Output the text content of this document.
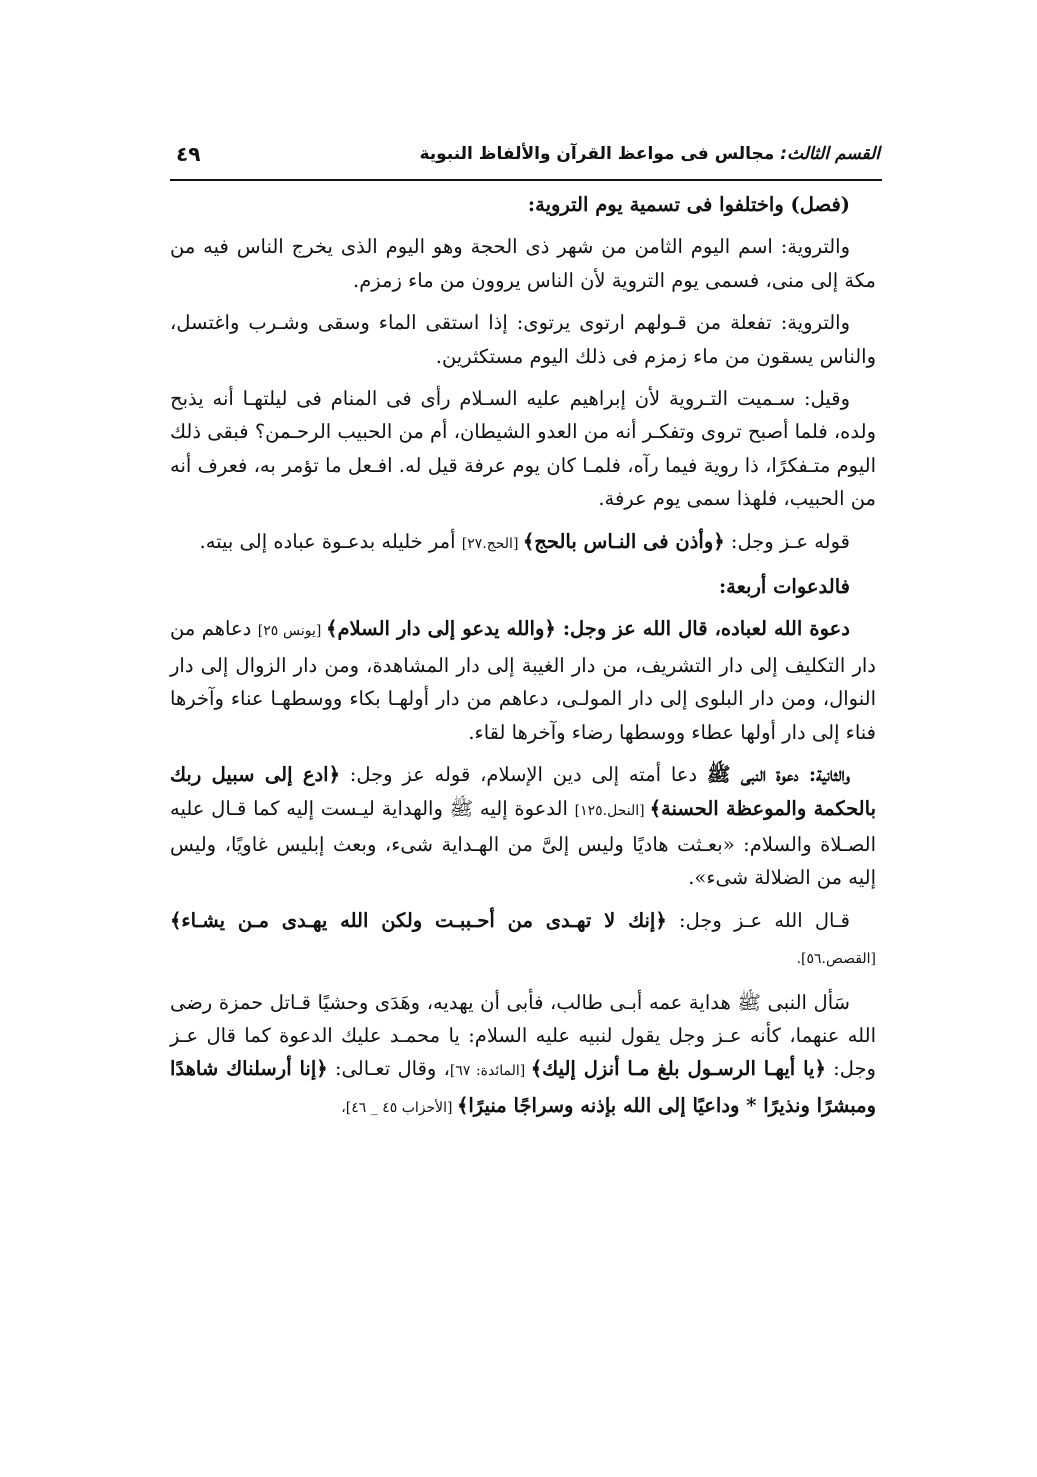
٤٩	القسم الثالث: مجالس فى مواعظ القرآن والألفاظ النبوية

(فصل) واختلفوا فى تسمية يوم التروية:

والتروية: اسم اليوم الثامن من شهر ذى الحجة وهو اليوم الذى يخرج الناس فيه من مكة إلى منى، فسمى يوم التروية لأن الناس يروون من ماء زمزم.

والتروية: تفعلة من قـولهم ارتوى يرتوى: إذا استقى الماء وسقى وشـرب واغتسل، والناس يسقون من ماء زمزم فى ذلك اليوم مستكثرين.

وقيل: سـميت التـروية لأن إبراهيم عليه السـلام رأى فى المنام فى ليلتهـا أنه يذبح ولده، فلما أصبح تروى وتفكـر أنه من العدو الشيطان، أم من الحبيب الرحـمن؟ فبقى ذلك اليوم متـفكرًا، ذا روية فيما رآه، فلمـا كان يوم عرفة قيل له. افـعل ما تؤمر به، فعرف أنه من الحبيب، فلهذا سمى يوم عرفة.

قوله عـز وجل: ﴿وأذن فى النـاس بالحج﴾ [الحج.٢٧] أمر خليله بدعـوة عباده إلى بيته.

فالدعوات أربعة:

دعوة الله لعباده، قال الله عز وجل: ﴿والله يدعو إلى دار السلام﴾ [يونس ٢٥] دعاهم من دار التكليف إلى دار التشريف، من دار الغيبة إلى دار المشاهدة، ومن دار الزوال إلى دار النوال، ومن دار البلوى إلى دار المولـى، دعاهم من دار أولهـا بكاء ووسطهـا عناء وآخرها فناء إلى دار أولها عطاء ووسطها رضاء وآخرها لقاء.

والثانية: دعوة النبى ﷺ دعا أمته إلى دين الإسلام، قوله عز وجل: ﴿ادع إلى سبيل ربك بالحكمة والموعظة الحسنة﴾ [النحل.١٢٥] الدعوة إليه ﷺ والهداية ليـست إليه كما قـال عليه الصـلاة والسلام: «بعـثت هاديًا وليس إلىَّ من الهـداية شىء، وبعث إبليس غاويًا، وليس إليه من الضلالة شىء».

قـال الله عـز وجل: ﴿إنك لا تهـدى من أحـببـت ولكن الله يهـدى مـن يشـاء﴾ [القصص.٥٦].

سَأل النبى ﷺ هداية عمه أبـى طالب، فأبى أن يهديه، وهَدَى وحشيًا قـاتل حمزة رضى الله عنهما، كأنه عـز وجل يقول لنبيه عليه السلام: يا محمـد عليك الدعوة كما قال عـز وجل: ﴿يا أيهـا الرسـول بلغ مـا أنزل إليك﴾ [المائدة: ٦٧]، وقال تعـالى: ﴿إنا أرسلناك شاهدًا ومبشرًا ونذيرًا * وداعيًا إلى الله بإذنه وسراجًا منيرًا﴾ [الأحزاب ٤٥ _ ٤٦]،
